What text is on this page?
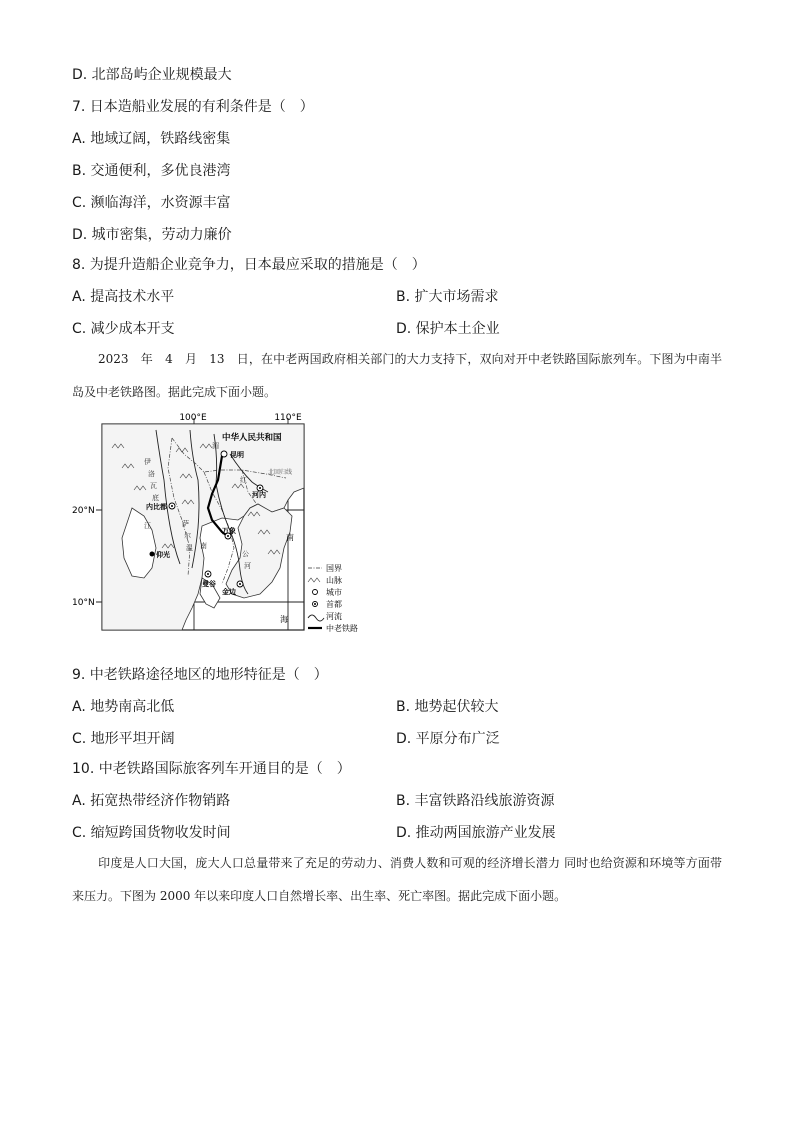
D. 北部岛屿企业规模最大
7. 日本造船业发展的有利条件是（　）
A. 地域辽阔，铁路线密集
B. 交通便利，多优良港湾
C. 濒临海洋，水资源丰富
D. 城市密集，劳动力廉价
8. 为提升造船企业竞争力，日本最应采取的措施是（　）
A. 提高技术水平	B. 扩大市场需求
C. 减少成本开支	D. 保护本土企业
2023　年　4　月　13　日，在中老两国政府相关部门的大力支持下，双向对开中老铁路国际旅列车。下图为中南半岛及中老铁路图。据此完成下面小题。
100°E	110°E
20°N
10°N
中华人民共和国
北回归线
昆明
河内
内比都
万象
仰光
曼谷
金边
伊
洛
瓦
底
江
湄
公
河
南
红
萨
尔
温
南
海
国界
山脉
城市
首都
河流
中老铁路
9. 中老铁路途径地区的地形特征是（　）
A. 地势南高北低	B. 地势起伏较大
C. 地形平坦开阔	D. 平原分布广泛
10. 中老铁路国际旅客列车开通目的是（　）
A. 拓宽热带经济作物销路	B. 丰富铁路沿线旅游资源
C. 缩短跨国货物收发时间	D. 推动两国旅游产业发展
印度是人口大国，庞大人口总量带来了充足的劳动力、消费人数和可观的经济增长潜力 同时也给资源和环境等方面带来压力。下图为 2000 年以来印度人口自然增长率、出生率、死亡率图。据此完成下面小题。
